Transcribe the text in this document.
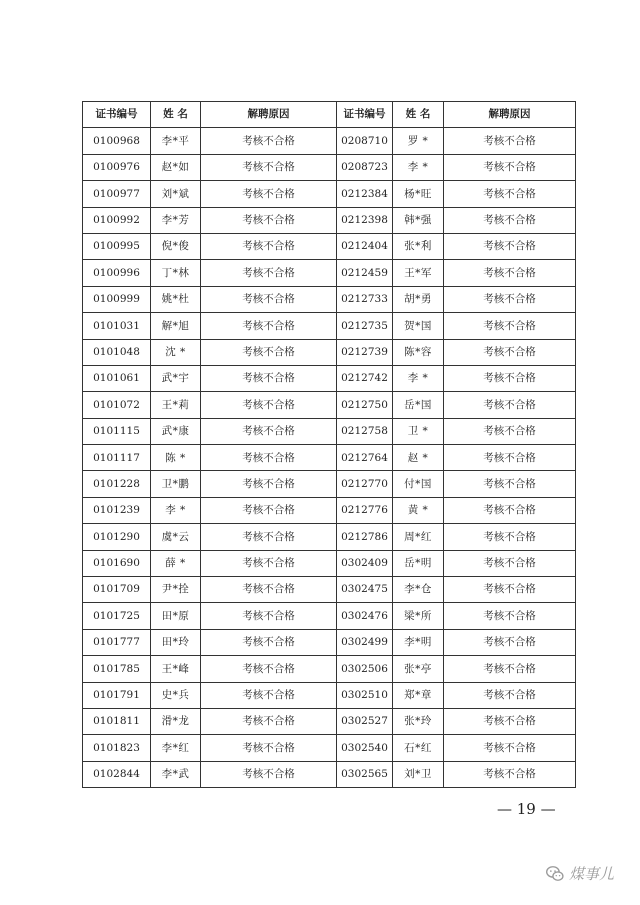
证书编号	姓 名	解聘原因	证书编号	姓 名	解聘原因
0100968	李*平	考核不合格	0208710	罗 *	考核不合格
0100976	赵*如	考核不合格	0208723	李 *	考核不合格
0100977	刘*斌	考核不合格	0212384	杨*旺	考核不合格
0100992	李*芳	考核不合格	0212398	韩*强	考核不合格
0100995	倪*俊	考核不合格	0212404	张*利	考核不合格
0100996	丁*林	考核不合格	0212459	王*军	考核不合格
0100999	姚*杜	考核不合格	0212733	胡*勇	考核不合格
0101031	解*旭	考核不合格	0212735	贺*国	考核不合格
0101048	沈 *	考核不合格	0212739	陈*容	考核不合格
0101061	武*宇	考核不合格	0212742	李 *	考核不合格
0101072	王*莉	考核不合格	0212750	岳*国	考核不合格
0101115	武*康	考核不合格	0212758	卫 *	考核不合格
0101117	陈 *	考核不合格	0212764	赵 *	考核不合格
0101228	卫*鹏	考核不合格	0212770	付*国	考核不合格
0101239	李 *	考核不合格	0212776	黄 *	考核不合格
0101290	虞*云	考核不合格	0212786	周*红	考核不合格
0101690	薛 *	考核不合格	0302409	岳*明	考核不合格
0101709	尹*拴	考核不合格	0302475	李*仓	考核不合格
0101725	田*原	考核不合格	0302476	梁*所	考核不合格
0101777	田*玲	考核不合格	0302499	李*明	考核不合格
0101785	王*峰	考核不合格	0302506	张*亭	考核不合格
0101791	史*兵	考核不合格	0302510	郑*章	考核不合格
0101811	滑*龙	考核不合格	0302527	张*玲	考核不合格
0101823	李*红	考核不合格	0302540	石*红	考核不合格
0102844	李*武	考核不合格	0302565	刘*卫	考核不合格
— 19 —
煤事儿
